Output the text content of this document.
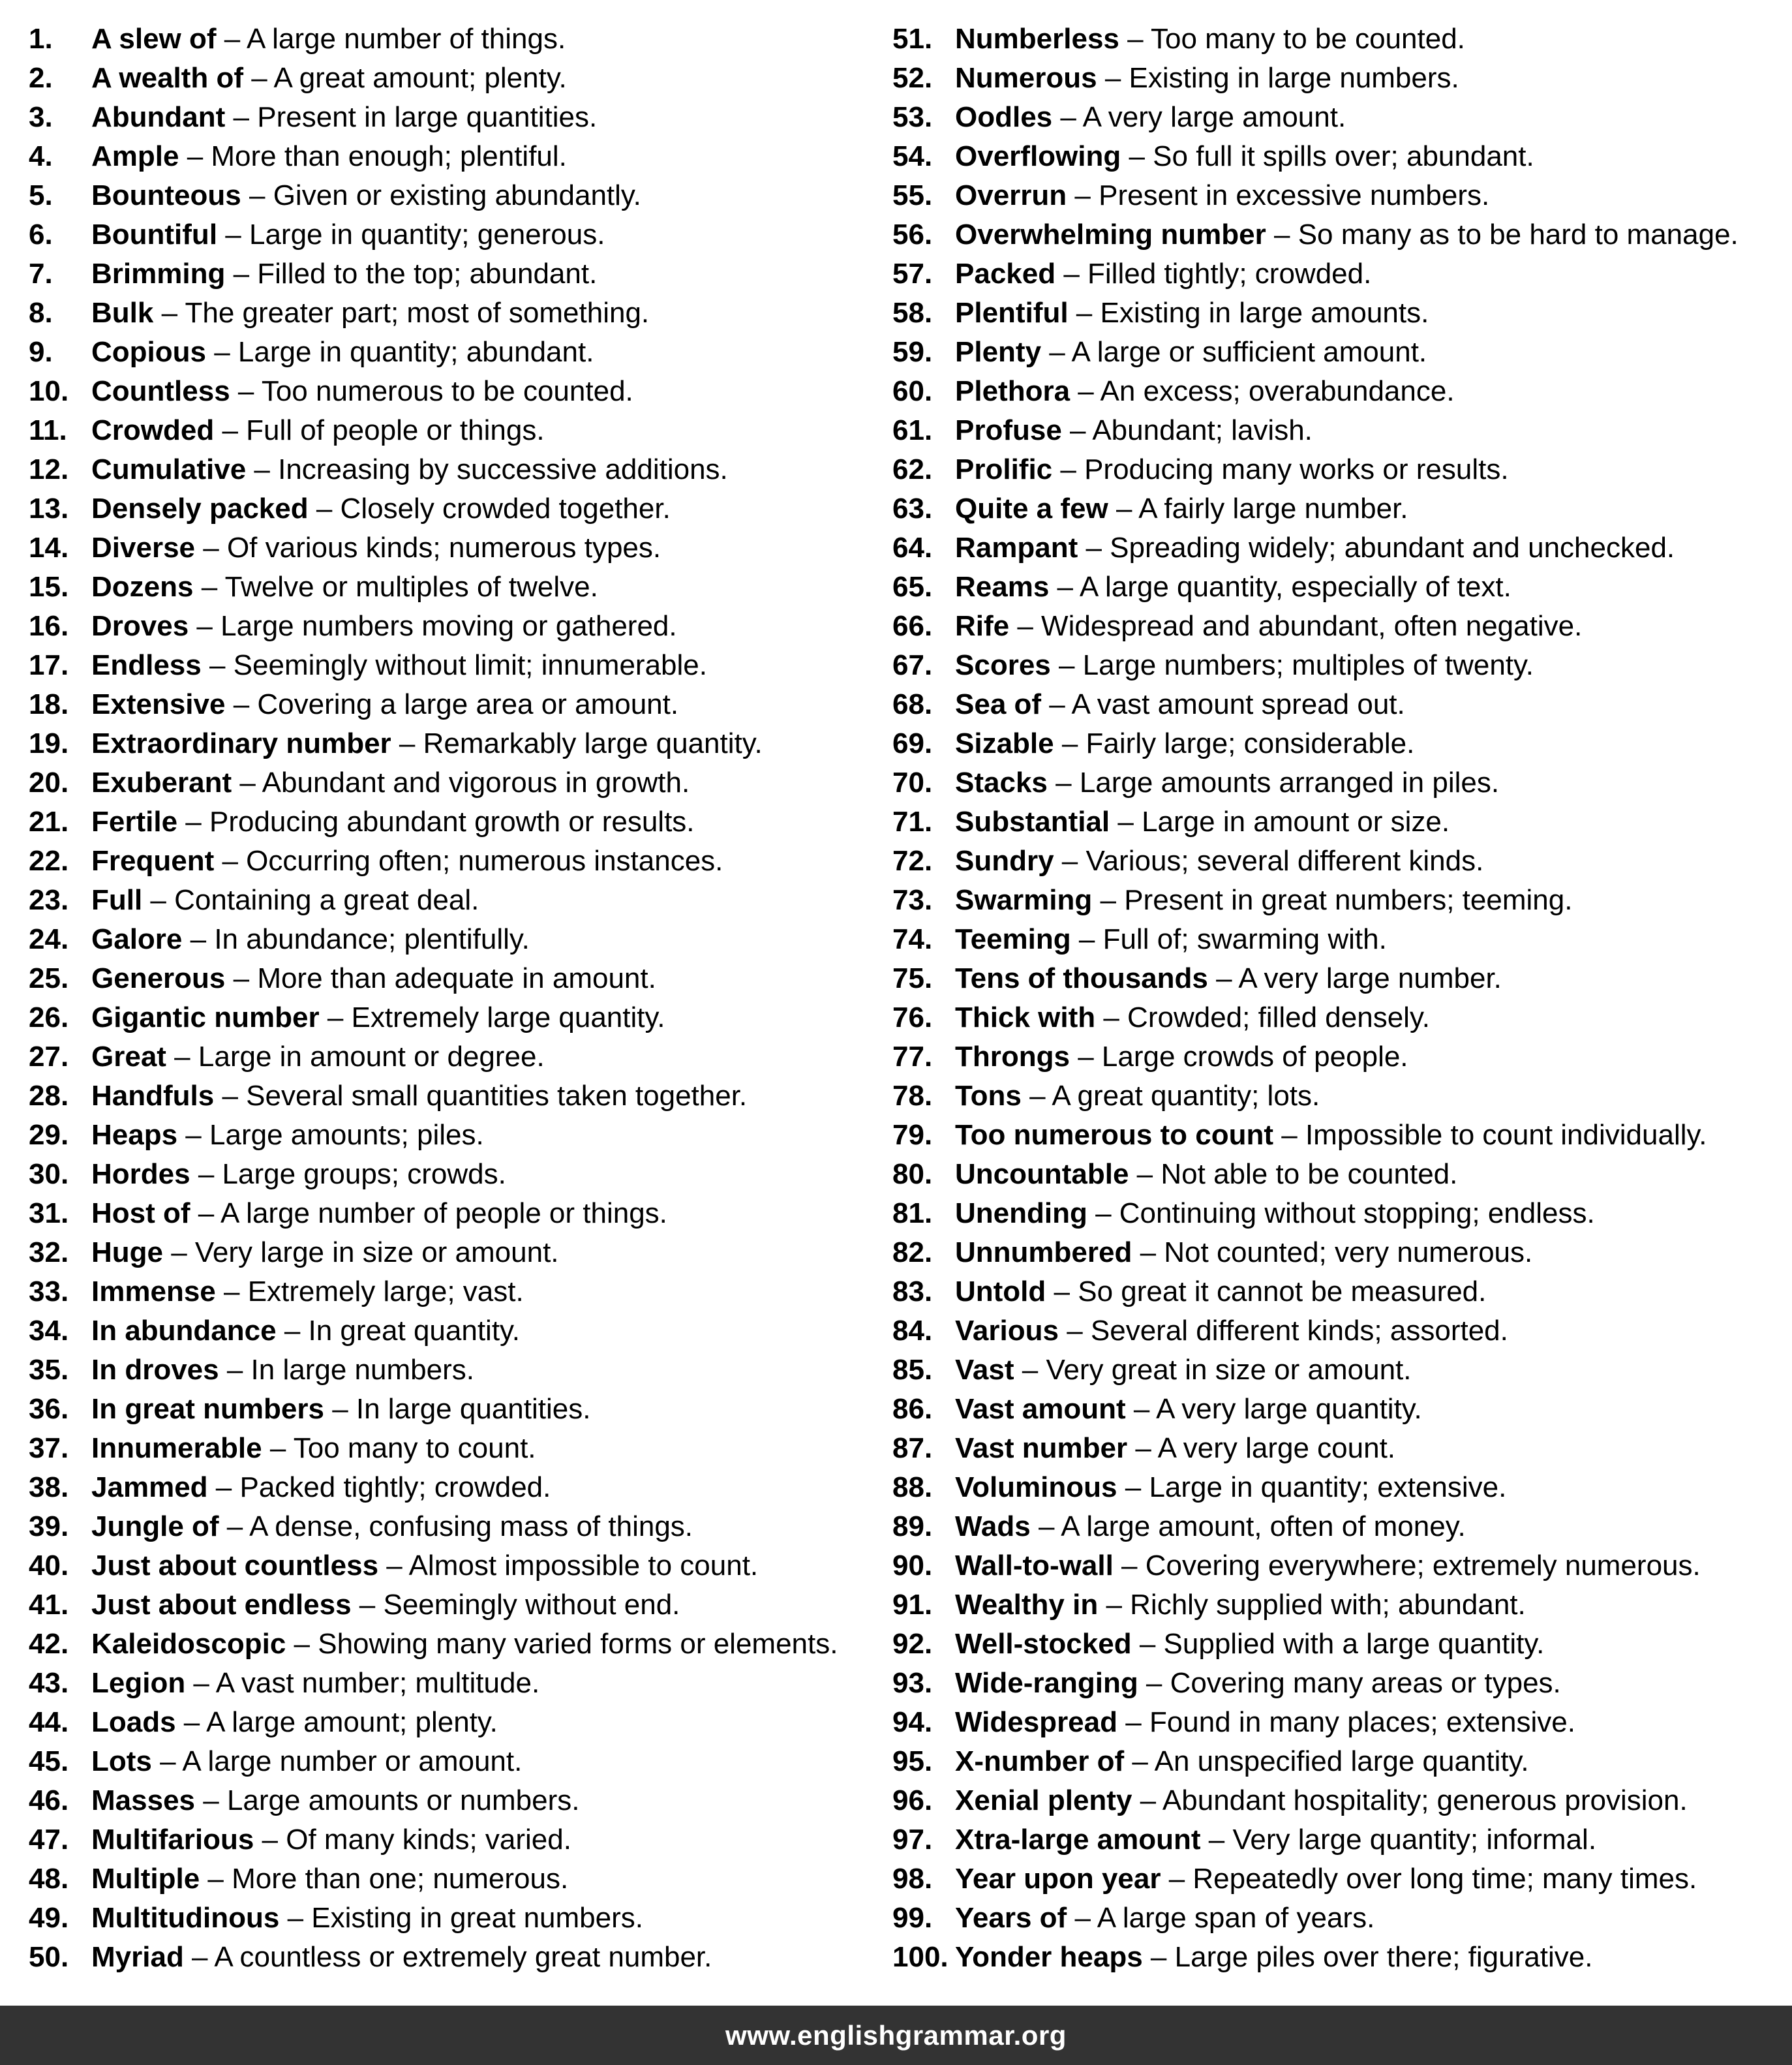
1. A slew of – A large number of things.
2. A wealth of – A great amount; plenty.
3. Abundant – Present in large quantities.
4. Ample – More than enough; plentiful.
5. Bounteous – Given or existing abundantly.
6. Bountiful – Large in quantity; generous.
7. Brimming – Filled to the top; abundant.
8. Bulk – The greater part; most of something.
9. Copious – Large in quantity; abundant.
10. Countless – Too numerous to be counted.
11. Crowded – Full of people or things.
12. Cumulative – Increasing by successive additions.
13. Densely packed – Closely crowded together.
14. Diverse – Of various kinds; numerous types.
15. Dozens – Twelve or multiples of twelve.
16. Droves – Large numbers moving or gathered.
17. Endless – Seemingly without limit; innumerable.
18. Extensive – Covering a large area or amount.
19. Extraordinary number – Remarkably large quantity.
20. Exuberant – Abundant and vigorous in growth.
21. Fertile – Producing abundant growth or results.
22. Frequent – Occurring often; numerous instances.
23. Full – Containing a great deal.
24. Galore – In abundance; plentifully.
25. Generous – More than adequate in amount.
26. Gigantic number – Extremely large quantity.
27. Great – Large in amount or degree.
28. Handfuls – Several small quantities taken together.
29. Heaps – Large amounts; piles.
30. Hordes – Large groups; crowds.
31. Host of – A large number of people or things.
32. Huge – Very large in size or amount.
33. Immense – Extremely large; vast.
34. In abundance – In great quantity.
35. In droves – In large numbers.
36. In great numbers – In large quantities.
37. Innumerable – Too many to count.
38. Jammed – Packed tightly; crowded.
39. Jungle of – A dense, confusing mass of things.
40. Just about countless – Almost impossible to count.
41. Just about endless – Seemingly without end.
42. Kaleidoscopic – Showing many varied forms or elements.
43. Legion – A vast number; multitude.
44. Loads – A large amount; plenty.
45. Lots – A large number or amount.
46. Masses – Large amounts or numbers.
47. Multifarious – Of many kinds; varied.
48. Multiple – More than one; numerous.
49. Multitudinous – Existing in great numbers.
50. Myriad – A countless or extremely great number.
51. Numberless – Too many to be counted.
52. Numerous – Existing in large numbers.
53. Oodles – A very large amount.
54. Overflowing – So full it spills over; abundant.
55. Overrun – Present in excessive numbers.
56. Overwhelming number – So many as to be hard to manage.
57. Packed – Filled tightly; crowded.
58. Plentiful – Existing in large amounts.
59. Plenty – A large or sufficient amount.
60. Plethora – An excess; overabundance.
61. Profuse – Abundant; lavish.
62. Prolific – Producing many works or results.
63. Quite a few – A fairly large number.
64. Rampant – Spreading widely; abundant and unchecked.
65. Reams – A large quantity, especially of text.
66. Rife – Widespread and abundant, often negative.
67. Scores – Large numbers; multiples of twenty.
68. Sea of – A vast amount spread out.
69. Sizable – Fairly large; considerable.
70. Stacks – Large amounts arranged in piles.
71. Substantial – Large in amount or size.
72. Sundry – Various; several different kinds.
73. Swarming – Present in great numbers; teeming.
74. Teeming – Full of; swarming with.
75. Tens of thousands – A very large number.
76. Thick with – Crowded; filled densely.
77. Throngs – Large crowds of people.
78. Tons – A great quantity; lots.
79. Too numerous to count – Impossible to count individually.
80. Uncountable – Not able to be counted.
81. Unending – Continuing without stopping; endless.
82. Unnumbered – Not counted; very numerous.
83. Untold – So great it cannot be measured.
84. Various – Several different kinds; assorted.
85. Vast – Very great in size or amount.
86. Vast amount – A very large quantity.
87. Vast number – A very large count.
88. Voluminous – Large in quantity; extensive.
89. Wads – A large amount, often of money.
90. Wall-to-wall – Covering everywhere; extremely numerous.
91. Wealthy in – Richly supplied with; abundant.
92. Well-stocked – Supplied with a large quantity.
93. Wide-ranging – Covering many areas or types.
94. Widespread – Found in many places; extensive.
95. X-number of – An unspecified large quantity.
96. Xenial plenty – Abundant hospitality; generous provision.
97. Xtra-large amount – Very large quantity; informal.
98. Year upon year – Repeatedly over long time; many times.
99. Years of – A large span of years.
100. Yonder heaps – Large piles over there; figurative.
www.englishgrammar.org
